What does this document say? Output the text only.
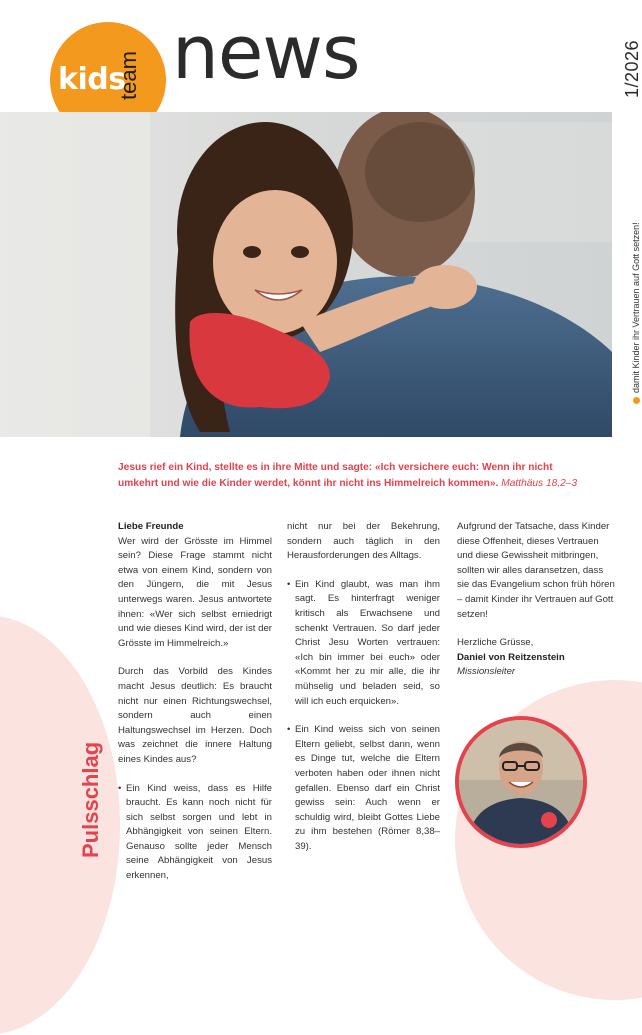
kids
team news	1/2026
damit Kinder ihr Vertrauen auf Gott setzen!
Jesus rief ein Kind, stellte es in ihre Mitte und sagte: «Ich versichere euch: Wenn ihr nicht umkehrt und wie die Kinder werdet, könnt ihr nicht ins Himmelreich kommen». Matthäus 18,2–3
Pulsschlag
Liebe Freunde

Wer wird der Grösste im Himmel sein? Diese Frage stammt nicht etwa von einem Kind, sondern von den Jüngern, die mit Jesus unterwegs waren. Jesus antwortete ihnen: «Wer sich selbst erniedrigt und wie dieses Kind wird, der ist der Grösste im Himmelreich.»

Durch das Vorbild des Kindes macht Jesus deutlich: Es braucht nicht nur einen Richtungswechsel, sondern auch einen Haltungswechsel im Herzen. Doch was zeichnet die innere Haltung eines Kindes aus?

• Ein Kind weiss, dass es Hilfe braucht. Es kann noch nicht für sich selbst sorgen und lebt in Abhängigkeit von seinen Eltern. Genauso sollte jeder Mensch seine Abhängigkeit von Jesus erkennen,

nicht nur bei der Bekehrung, sondern auch täglich in den Herausforderungen des Alltags.

• Ein Kind glaubt, was man ihm sagt. Es hinterfragt weniger kritisch als Erwachsene und schenkt Vertrauen. So darf jeder Christ Jesu Worten vertrauen: «Ich bin immer bei euch» oder «Kommt her zu mir alle, die ihr mühselig und beladen seid, so will ich euch erquicken».

• Ein Kind weiss sich von seinen Eltern geliebt, selbst dann, wenn es Dinge tut, welche die Eltern verboten haben oder ihnen nicht gefallen. Ebenso darf ein Christ gewiss sein: Auch wenn er schuldig wird, bleibt Gottes Liebe zu ihm bestehen (Römer 8,38–39).

Aufgrund der Tatsache, dass Kinder diese Offenheit, dieses Vertrauen und diese Gewissheit mitbringen, sollten wir alles daransetzen, dass sie das Evangelium schon früh hören – damit Kinder ihr Vertrauen auf Gott setzen!

Herzliche Grüsse,
Daniel von Reitzenstein
Missionsleiter
